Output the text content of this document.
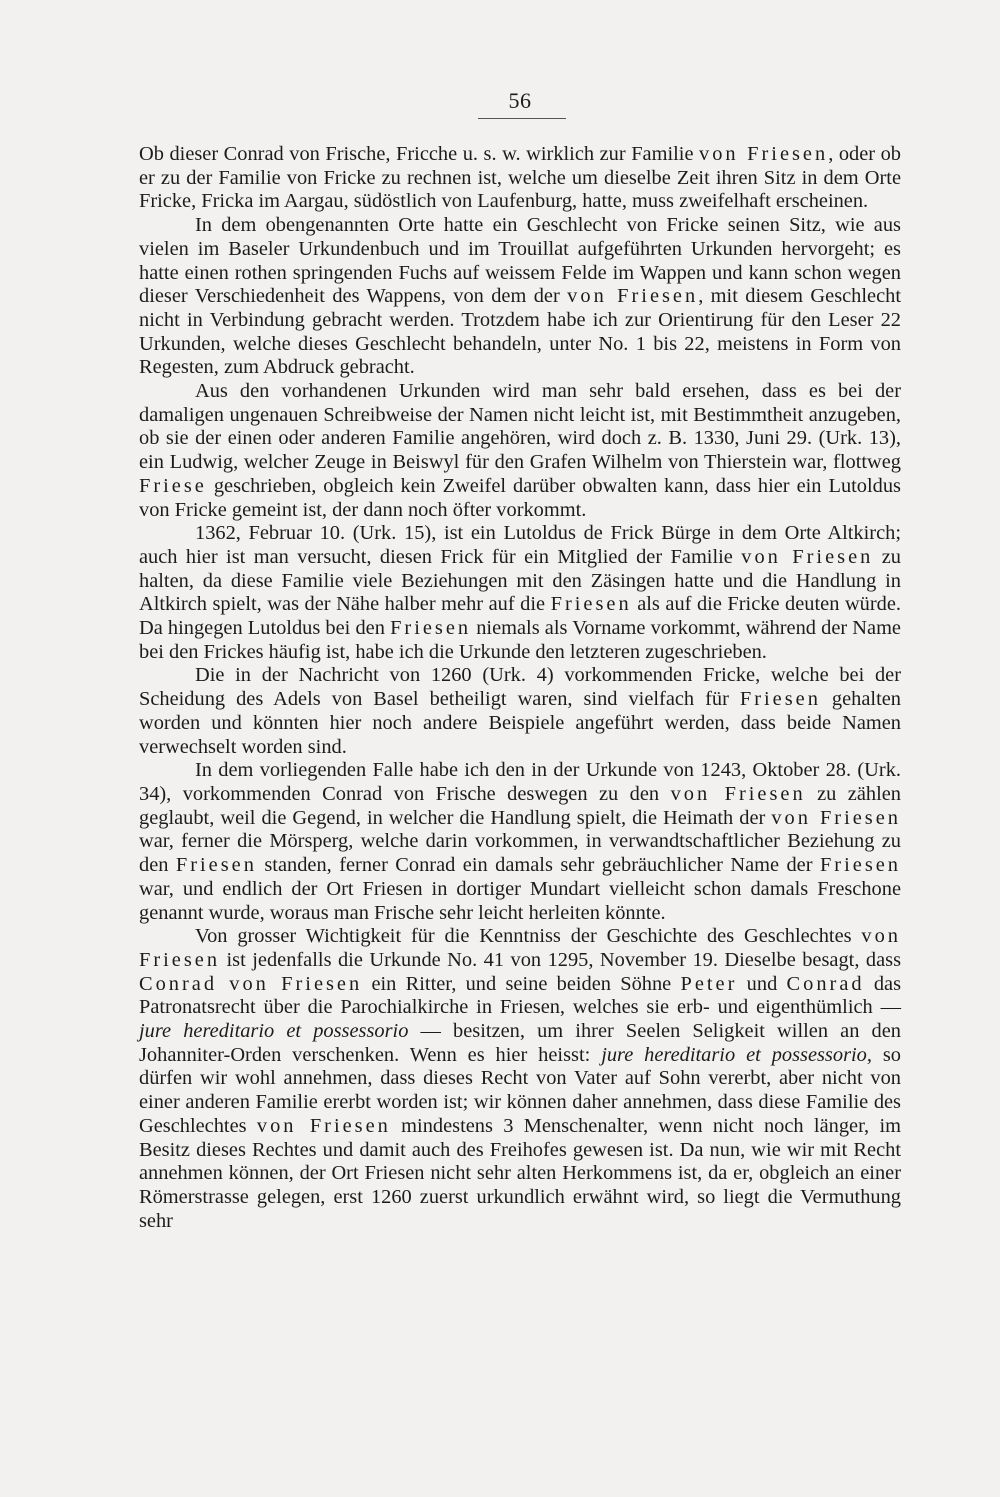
56

Ob dieser Conrad von Frische, Fricche u. s. w. wirklich zur Familie von Friesen, oder ob er zu der Familie von Fricke zu rechnen ist, welche um dieselbe Zeit ihren Sitz in dem Orte Fricke, Fricka im Aargau, südöstlich von Laufenburg, hatte, muss zweifelhaft erscheinen.

In dem obengenannten Orte hatte ein Geschlecht von Fricke seinen Sitz, wie aus vielen im Baseler Urkundenbuch und im Trouillat aufgeführten Urkunden hervorgeht; es hatte einen rothen springenden Fuchs auf weissem Felde im Wappen und kann schon wegen dieser Verschiedenheit des Wappens, von dem der von Friesen, mit diesem Geschlecht nicht in Verbindung gebracht werden. Trotzdem habe ich zur Orientirung für den Leser 22 Urkunden, welche dieses Geschlecht behandeln, unter No. 1 bis 22, meistens in Form von Regesten, zum Abdruck gebracht.

Aus den vorhandenen Urkunden wird man sehr bald ersehen, dass es bei der damaligen ungenauen Schreibweise der Namen nicht leicht ist, mit Bestimmtheit anzugeben, ob sie der einen oder anderen Familie angehören, wird doch z. B. 1330, Juni 29. (Urk. 13), ein Ludwig, welcher Zeuge in Beiswyl für den Grafen Wilhelm von Thierstein war, flottweg Friese geschrieben, obgleich kein Zweifel darüber obwalten kann, dass hier ein Lutoldus von Fricke gemeint ist, der dann noch öfter vorkommt.

1362, Februar 10. (Urk. 15), ist ein Lutoldus de Frick Bürge in dem Orte Altkirch; auch hier ist man versucht, diesen Frick für ein Mitglied der Familie von Friesen zu halten, da diese Familie viele Beziehungen mit den Zäsingen hatte und die Handlung in Altkirch spielt, was der Nähe halber mehr auf die Friesen als auf die Fricke deuten würde. Da hingegen Lutoldus bei den Friesen niemals als Vorname vorkommt, während der Name bei den Frickes häufig ist, habe ich die Urkunde den letzteren zugeschrieben.

Die in der Nachricht von 1260 (Urk. 4) vorkommenden Fricke, welche bei der Scheidung des Adels von Basel betheiligt waren, sind vielfach für Friesen gehalten worden und könnten hier noch andere Beispiele angeführt werden, dass beide Namen verwechselt worden sind.

In dem vorliegenden Falle habe ich den in der Urkunde von 1243, Oktober 28. (Urk. 34), vorkommenden Conrad von Frische deswegen zu den von Friesen zu zählen geglaubt, weil die Gegend, in welcher die Handlung spielt, die Heimath der von Friesen war, ferner die Mörsperg, welche darin vorkommen, in verwandtschaftlicher Beziehung zu den Friesen standen, ferner Conrad ein damals sehr gebräuchlicher Name der Friesen war, und endlich der Ort Friesen in dortiger Mundart vielleicht schon damals Freschone genannt wurde, woraus man Frische sehr leicht herleiten könnte.

Von grosser Wichtigkeit für die Kenntniss der Geschichte des Geschlechtes von Friesen ist jedenfalls die Urkunde No. 41 von 1295, November 19. Dieselbe besagt, dass Conrad von Friesen ein Ritter, und seine beiden Söhne Peter und Conrad das Patronatsrecht über die Parochialkirche in Friesen, welches sie erb- und eigenthümlich — jure hereditario et possessorio — besitzen, um ihrer Seelen Seligkeit willen an den Johanniter-Orden verschenken. Wenn es hier heisst: jure hereditario et possessorio, so dürfen wir wohl annehmen, dass dieses Recht von Vater auf Sohn vererbt, aber nicht von einer anderen Familie ererbt worden ist; wir können daher annehmen, dass diese Familie des Geschlechtes von Friesen mindestens 3 Menschenalter, wenn nicht noch länger, im Besitz dieses Rechtes und damit auch des Freihofes gewesen ist. Da nun, wie wir mit Recht annehmen können, der Ort Friesen nicht sehr alten Herkommens ist, da er, obgleich an einer Römerstrasse gelegen, erst 1260 zuerst urkundlich erwähnt wird, so liegt die Vermuthung sehr
